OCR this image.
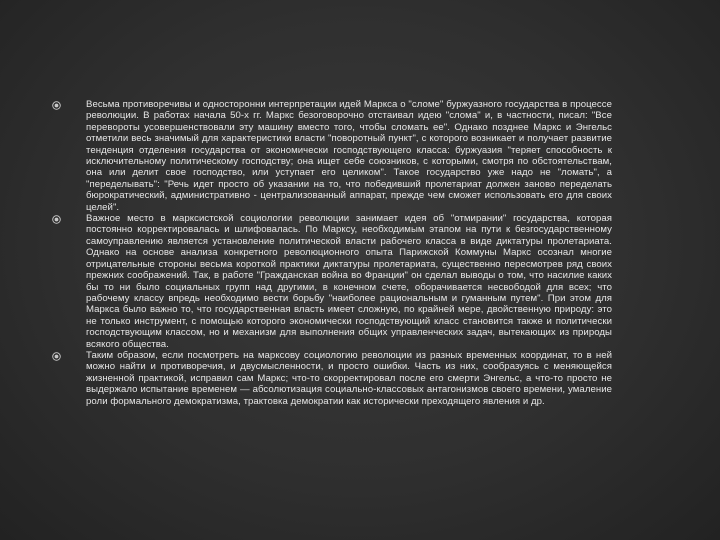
Весьма противоречивы и односторонни интерпретации идей Маркса о "сломе" буржуазного государства в процессе революции. В работах начала 50-х гг. Маркс безоговорочно отстаивал идею "слома" и, в частности, писал: "Все перевороты усовершенствовали эту машину вместо того, чтобы сломать ее". Однако позднее Маркс и Энгельс отметили весь значимый для характеристики власти "поворотный пункт", с которого возникает и получает развитие тенденция отделения государства от экономически господствующего класса: буржуазия "теряет способность к исключительному политическому господству; она ищет себе союзников, с которыми, смотря по обстоятельствам, она или делит свое господство, или уступает его целиком". Такое государство уже надо не "ломать", а "переделывать": "Речь идет просто об указании на то, что победивший пролетариат должен заново переделать бюрократический, административно - централизованный аппарат, прежде чем сможет использовать его для своих целей".

Важное место в марксистской социологии революции занимает идея об "отмирании" государства, которая постоянно корректировалась и шлифовалась. По Марксу, необходимым этапом на пути к безгосударственному самоуправлению является установление политической власти рабочего класса в виде диктатуры пролетариата. Однако на основе анализа конкретного революционного опыта Парижской Коммуны Маркс осознал многие отрицательные стороны весьма короткой практики диктатуры пролетариата, существенно пересмотрев ряд своих прежних соображений. Так, в работе "Гражданская война во Франции" он сделал выводы о том, что насилие каких бы то ни было социальных групп над другими, в конечном счете, оборачивается несвободой для всех; что рабочему классу впредь необходимо вести борьбу "наиболее рациональным и гуманным путем". При этом для Маркса было важно то, что государственная власть имеет сложную, по крайней мере, двойственную природу: это не только инструмент, с помощью которого экономически господствующий класс становится также и политически господствующим классом, но и механизм для выполнения общих управленческих задач, вытекающих из природы всякого общества.

Таким образом, если посмотреть на марксову социологию революции из разных временных координат, то в ней можно найти и противоречия, и двусмысленности, и просто ошибки. Часть из них, сообразуясь с меняющейся жизненной практикой, исправил сам Маркс; что-то скорректировал после его смерти Энгельс, а что-то просто не выдержало испытание временем — абсолютизация социально-классовых антагонизмов своего времени, умаление роли формального демократизма, трактовка демократии как исторически преходящего явления и др.
